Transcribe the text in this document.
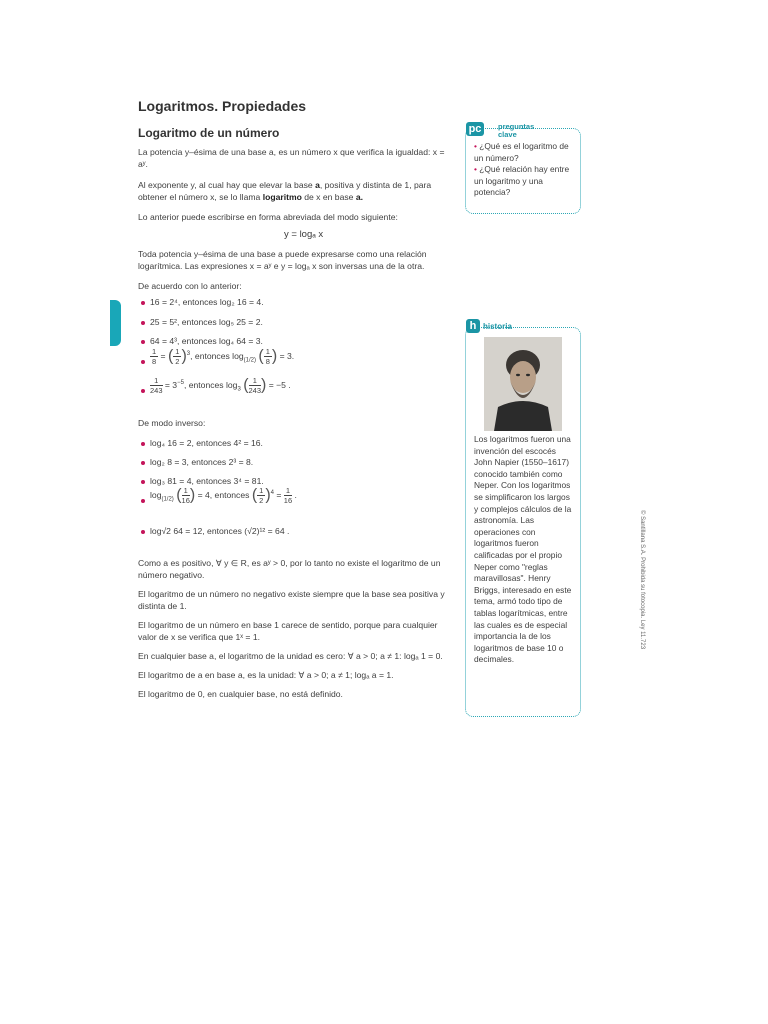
Logaritmos. Propiedades
Logaritmo de un número
La potencia y–ésima de una base a, es un número x que verifica la igualdad: x = aʸ.
Al exponente y, al cual hay que elevar la base a, positiva y distinta de 1, para obtener el número x, se lo llama logaritmo de x en base a.
Lo anterior puede escribirse en forma abreviada del modo siguiente:
y = logₐ x
Toda potencia y–ésima de una base a puede expresarse como una relación logarítmica. Las expresiones x = aʸ e y = logₐ x son inversas una de la otra.
De acuerdo con lo anterior:
16 = 2⁴, entonces log₂ 16 = 4.
25 = 5², entonces log₅ 25 = 2.
64 = 4³, entonces log₄ 64 = 3.
$\frac{1}{8}$ = ( $\frac{1}{2} )^3$, entonces $\log_{(1/2)}$ ( $\frac{1}{8}$ ) = 3.
$\frac{1}{243} = 3^{-5}$, entonces $\log_3$ ( $\frac{1}{243}$ ) = −5 .
De modo inverso:
log₄ 16 = 2, entonces 4² = 16.
log₂ 8 = 3, entonces 2³ = 8.
log₃ 81 = 4, entonces 3⁴ = 81.
$\log_{(1/2)}$ ( $\frac{1}{16}$ ) = 4, entonces ( $\frac{1}{2} )^4 = \frac{1}{16}$ .
log√2 64 = 12, entonces (√2)¹² = 64 .
Como a es positivo, ∀ y ∈ R, es aʸ > 0, por lo tanto no existe el logaritmo de un número negativo.
El logaritmo de un número no negativo existe siempre que la base sea positiva y distinta de 1.
El logaritmo de un número en base 1 carece de sentido, porque para cualquier valor de x se verifica que 1ˣ = 1.
En cualquier base a, el logaritmo de la unidad es cero: ∀ a > 0; a ≠ 1: logₐ 1 = 0.
El logaritmo de a en base a, es la unidad: ∀ a > 0; a ≠ 1; logₐ a = 1.
El logaritmo de 0, en cualquier base, no está definido.
pc	preguntas
clave
• ¿Qué es el logaritmo de un número?
• ¿Qué relación hay entre un logaritmo y una potencia?
h historia
Los logaritmos fueron una invención del escocés John Napier (1550–1617) conocido también como Neper. Con los logaritmos se simplificaron los largos y complejos cálculos de la astronomía. Las operaciones con logaritmos fueron calificadas por el propio Neper como "reglas maravillosas". Henry Briggs, interesado en este tema, armó todo tipo de tablas logarítmicas, entre las cuales es de especial importancia la de los logaritmos de base 10 o decimales.
© Santillana S.A. Prohibida su fotocopia. Ley 11.723
